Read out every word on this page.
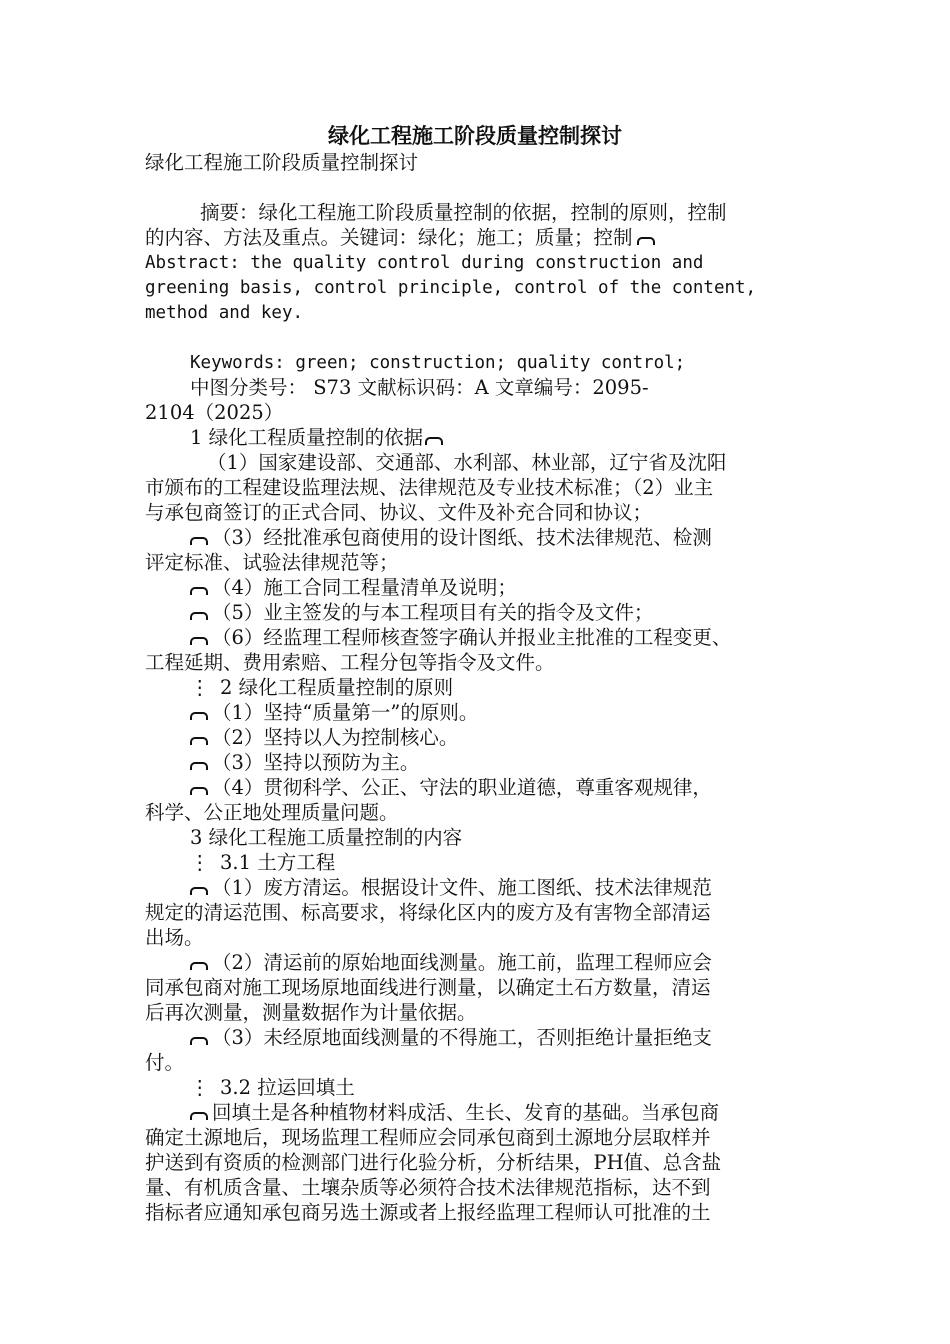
绿化工程施工阶段质量控制探讨
绿化工程施工阶段质量控制探讨
摘要：绿化工程施工阶段质量控制的依据，控制的原则，控制
的内容、方法及重点。关键词：绿化；施工；质量；控制
Abstract: the quality control during construction and
greening basis, control principle, control of the content,
method and key.
Keywords: green; construction; quality control;
中图分类号： S73 文献标识码：A 文章编号：2095-
2104（2025）
1 绿化工程质量控制的依据
（1）国家建设部、交通部、水利部、林业部，辽宁省及沈阳
市颁布的工程建设监理法规、法律规范及专业技术标准；（2）业主
与承包商签订的正式合同、协议、文件及补充合同和协议；
（3）经批准承包商使用的设计图纸、技术法律规范、检测
评定标准、试验法律规范等；
（4）施工合同工程量清单及说明；
（5）业主签发的与本工程项目有关的指令及文件；
（6）经监理工程师核查签字确认并报业主批准的工程变更、
工程延期、费用索赔、工程分包等指令及文件。
⋮ 2 绿化工程质量控制的原则
（1）坚持“质量第一”的原则。
（2）坚持以人为控制核心。
（3）坚持以预防为主。
（4）贯彻科学、公正、守法的职业道德，尊重客观规律，
科学、公正地处理质量问题。
3 绿化工程施工质量控制的内容
⋮ 3.1 土方工程
（1）废方清运。根据设计文件、施工图纸、技术法律规范
规定的清运范围、标高要求，将绿化区内的废方及有害物全部清运
出场。
（2）清运前的原始地面线测量。施工前，监理工程师应会
同承包商对施工现场原地面线进行测量，以确定土石方数量，清运
后再次测量，测量数据作为计量依据。
（3）未经原地面线测量的不得施工，否则拒绝计量拒绝支
付。
⋮ 3.2 拉运回填土
回填土是各种植物材料成活、生长、发育的基础。当承包商
确定土源地后，现场监理工程师应会同承包商到土源地分层取样并
护送到有资质的检测部门进行化验分析，分析结果，PH值、总含盐
量、有机质含量、土壤杂质等必须符合技术法律规范指标，达不到
指标者应通知承包商另选土源或者上报经监理工程师认可批准的土
